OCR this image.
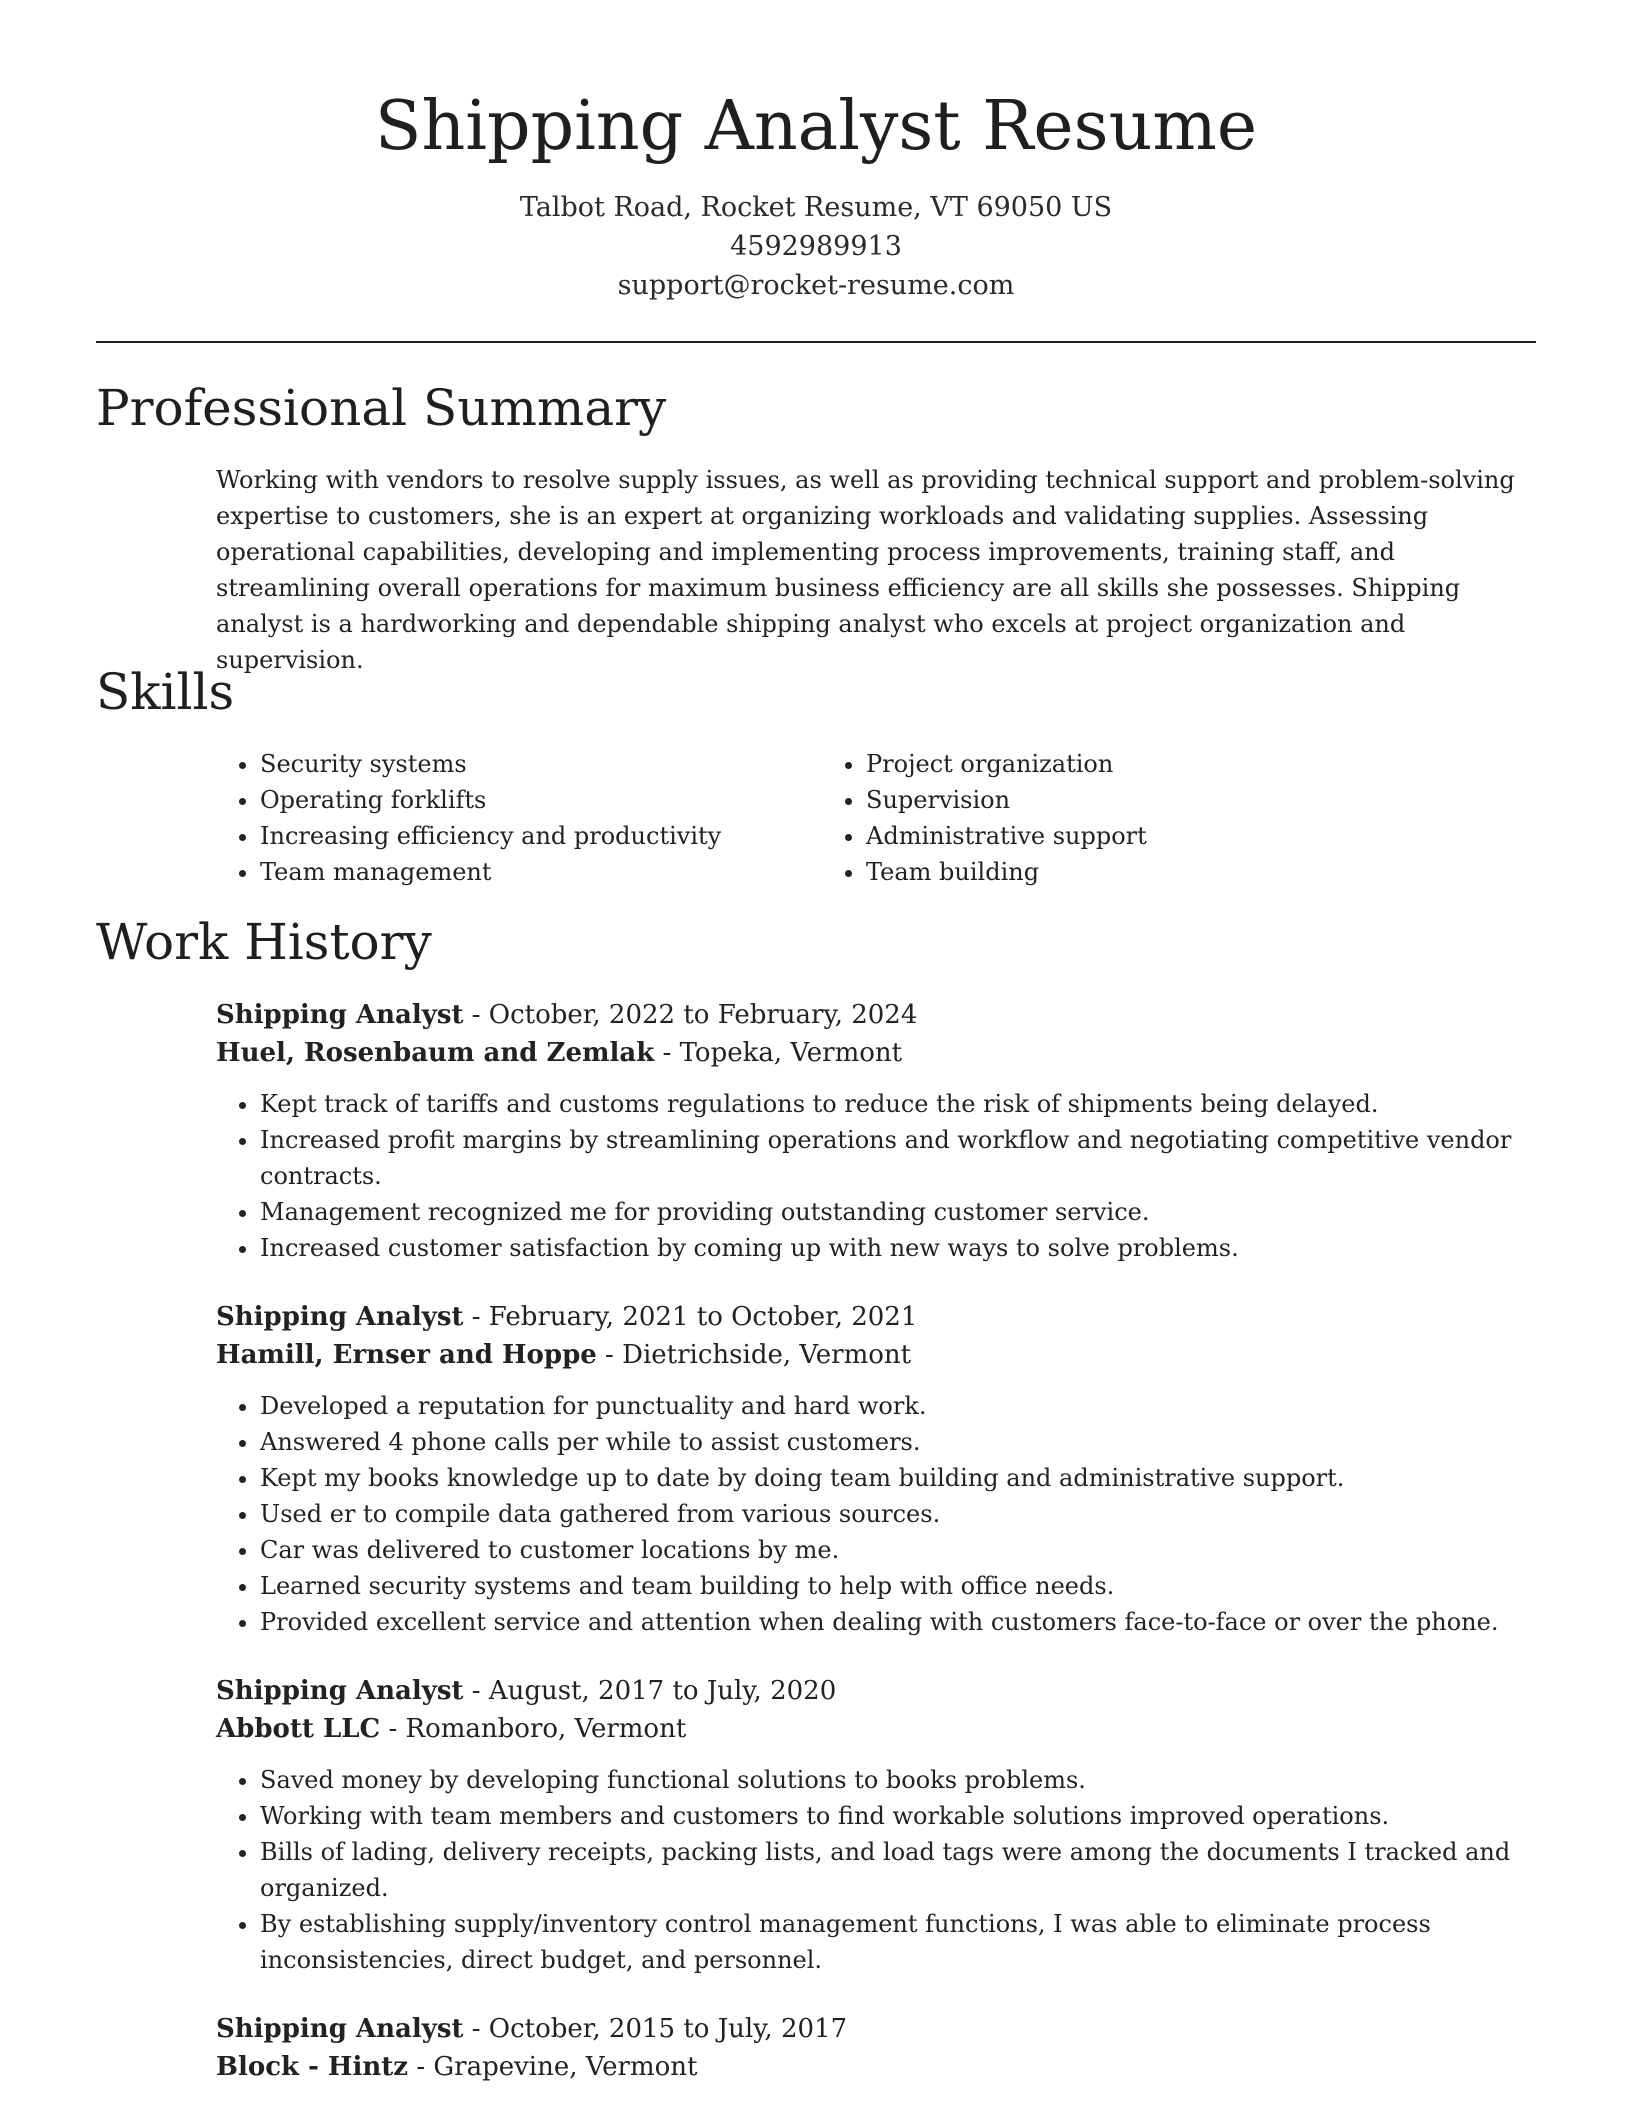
Shipping Analyst Resume
Talbot Road, Rocket Resume, VT 69050 US
4592989913
support@rocket-resume.com
Professional Summary

Working with vendors to resolve supply issues, as well as providing technical support and problem-solving expertise to customers, she is an expert at organizing workloads and validating supplies. Assessing operational capabilities, developing and implementing process improvements, training staff, and streamlining overall operations for maximum business efficiency are all skills she possesses. Shipping analyst is a hardworking and dependable shipping analyst who excels at project organization and supervision.

Skills
• Security systems
• Operating forklifts
• Increasing efficiency and productivity
• Team management
• Project organization
• Supervision
• Administrative support
• Team building
Work History
Shipping Analyst - October, 2022 to February, 2024
Huel, Rosenbaum and Zemlak - Topeka, Vermont
• Kept track of tariffs and customs regulations to reduce the risk of shipments being delayed.
• Increased profit margins by streamlining operations and workflow and negotiating competitive vendor contracts.
• Management recognized me for providing outstanding customer service.
• Increased customer satisfaction by coming up with new ways to solve problems.
Shipping Analyst - February, 2021 to October, 2021
Hamill, Ernser and Hoppe - Dietrichside, Vermont
• Developed a reputation for punctuality and hard work.
• Answered 4 phone calls per while to assist customers.
• Kept my books knowledge up to date by doing team building and administrative support.
• Used er to compile data gathered from various sources.
• Car was delivered to customer locations by me.
• Learned security systems and team building to help with office needs.
• Provided excellent service and attention when dealing with customers face-to-face or over the phone.
Shipping Analyst - August, 2017 to July, 2020
Abbott LLC - Romanboro, Vermont
• Saved money by developing functional solutions to books problems.
• Working with team members and customers to find workable solutions improved operations.
• Bills of lading, delivery receipts, packing lists, and load tags were among the documents I tracked and organized.
• By establishing supply/inventory control management functions, I was able to eliminate process inconsistencies, direct budget, and personnel.
Shipping Analyst - October, 2015 to July, 2017
Block - Hintz - Grapevine, Vermont
